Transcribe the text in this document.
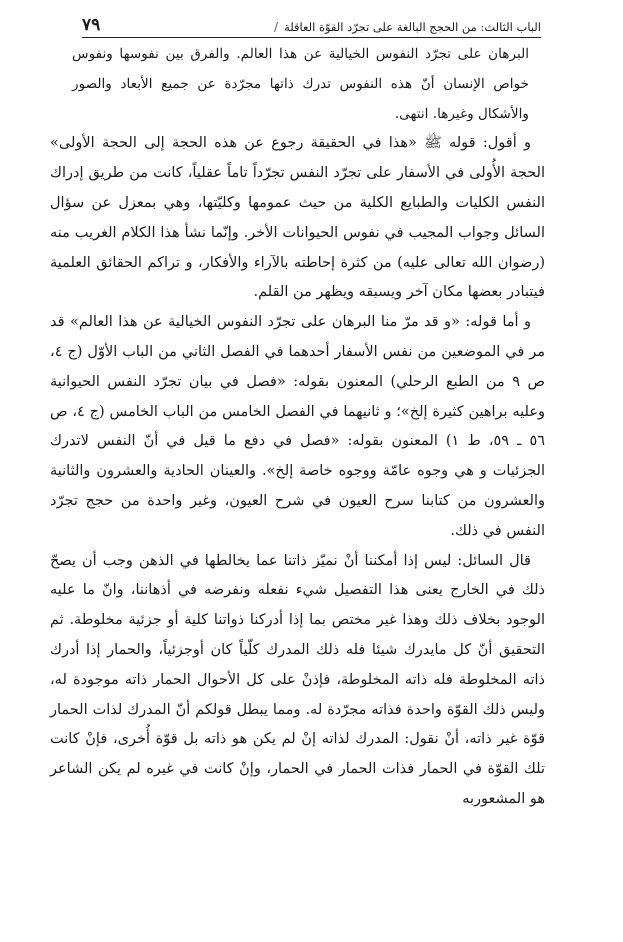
الباب الثالث: من الحجج البالغة على تجرّد القوّة العاقلة
/
٧٩

البرهان على تجرّد النفوس الخيالية عن هذا العالم. والفرق بين نفوسها ونفوس خواص الإنسان أنّ هذه النفوس تدرك ذاتها مجرّدة عن جميع الأبعاد والصور والأشكال وغيرها. انتهى.

و أقول: قوله ﷺ «هذا في الحقيقة رجوع عن هذه الحجة إلى الحجة الأولى» الحجة الأُولى في الأسفار على تجرّد النفس تجرّداً تاماً عقلياً، كانت من طريق إدراك النفس الكليات والطبايع الكلية من حيث عمومها وكليّتها، وهي بمعزل عن سؤال السائل وجواب المجيب في نفوس الحيوانات الأخر. وإنّما نشأ هذا الكلام الغريب منه (رضوان الله تعالى عليه) من كثرة إحاطته بالآراء والأفكار، و تراكم الحقائق العلمية فيتبادر بعضها مكان آخر ويسبقه ويظهر من القلم.

و أما قوله: «و قد مرّ منا البرهان على تجرّد النفوس الخيالية عن هذا العالم» قد مر في الموضعين من نفس الأسفار أحدهما في الفصل الثاني من الباب الأوّل (ج ٤، ص ٩ من الطبع الرحلي) المعنون بقوله: «فصل في بيان تجرّد النفس الحيوانية وعليه براهين كثيرة إلخ»؛ و ثانيهما في الفصل الخامس من الباب الخامس (ج ٤، ص ٥٦ ـ ٥٩، ط ١) المعنون بقوله: «فصل في دفع ما قيل في أنّ النفس لاتدرك الجزئيات و هي وجوه عامّة ووجوه خاصة إلخ». والعينان الحادية والعشرون والثانية والعشرون من كتابنا سرح العيون في شرح العيون، وغير واحدة من حجج تجرّد النفس في ذلك.

قال السائل: ليس إذا أمكننا أنْ نميّز ذاتنا عما يخالطها في الذهن وجب أن يصحّ ذلك في الخارج يعنى هذا التفصيل شيء نفعله ونفرضه في أذهاننا، وانّ ما عليه الوجود بخلاف ذلك وهذا غير مختص بما إذا أدركنا ذواتنا كلية أو جزئية مخلوطة. ثم التحقيق أنّ كل مايدرك شيئا فله ذلك المدرك كلّياً كان أوجزئياً، والحمار إذا أدرك ذاته المخلوطة فله ذاته المخلوطة، فإذنْ على كل الأحوال الحمار ذاته موجودة له، وليس ذلك القوّة واحدة فذاته مجرّدة له. ومما يبطل قولكم أنّ المدرك لذات الحمار قوّة غير ذاته، أنْ نقول: المدرك لذاته إنْ لم يكن هو ذاته بل قوّة أُخرى، فإنْ كانت تلك القوّة في الحمار فذات الحمار في الحمار، وإنْ كانت في غيره لم يكن الشاعر هو المشعوربه
